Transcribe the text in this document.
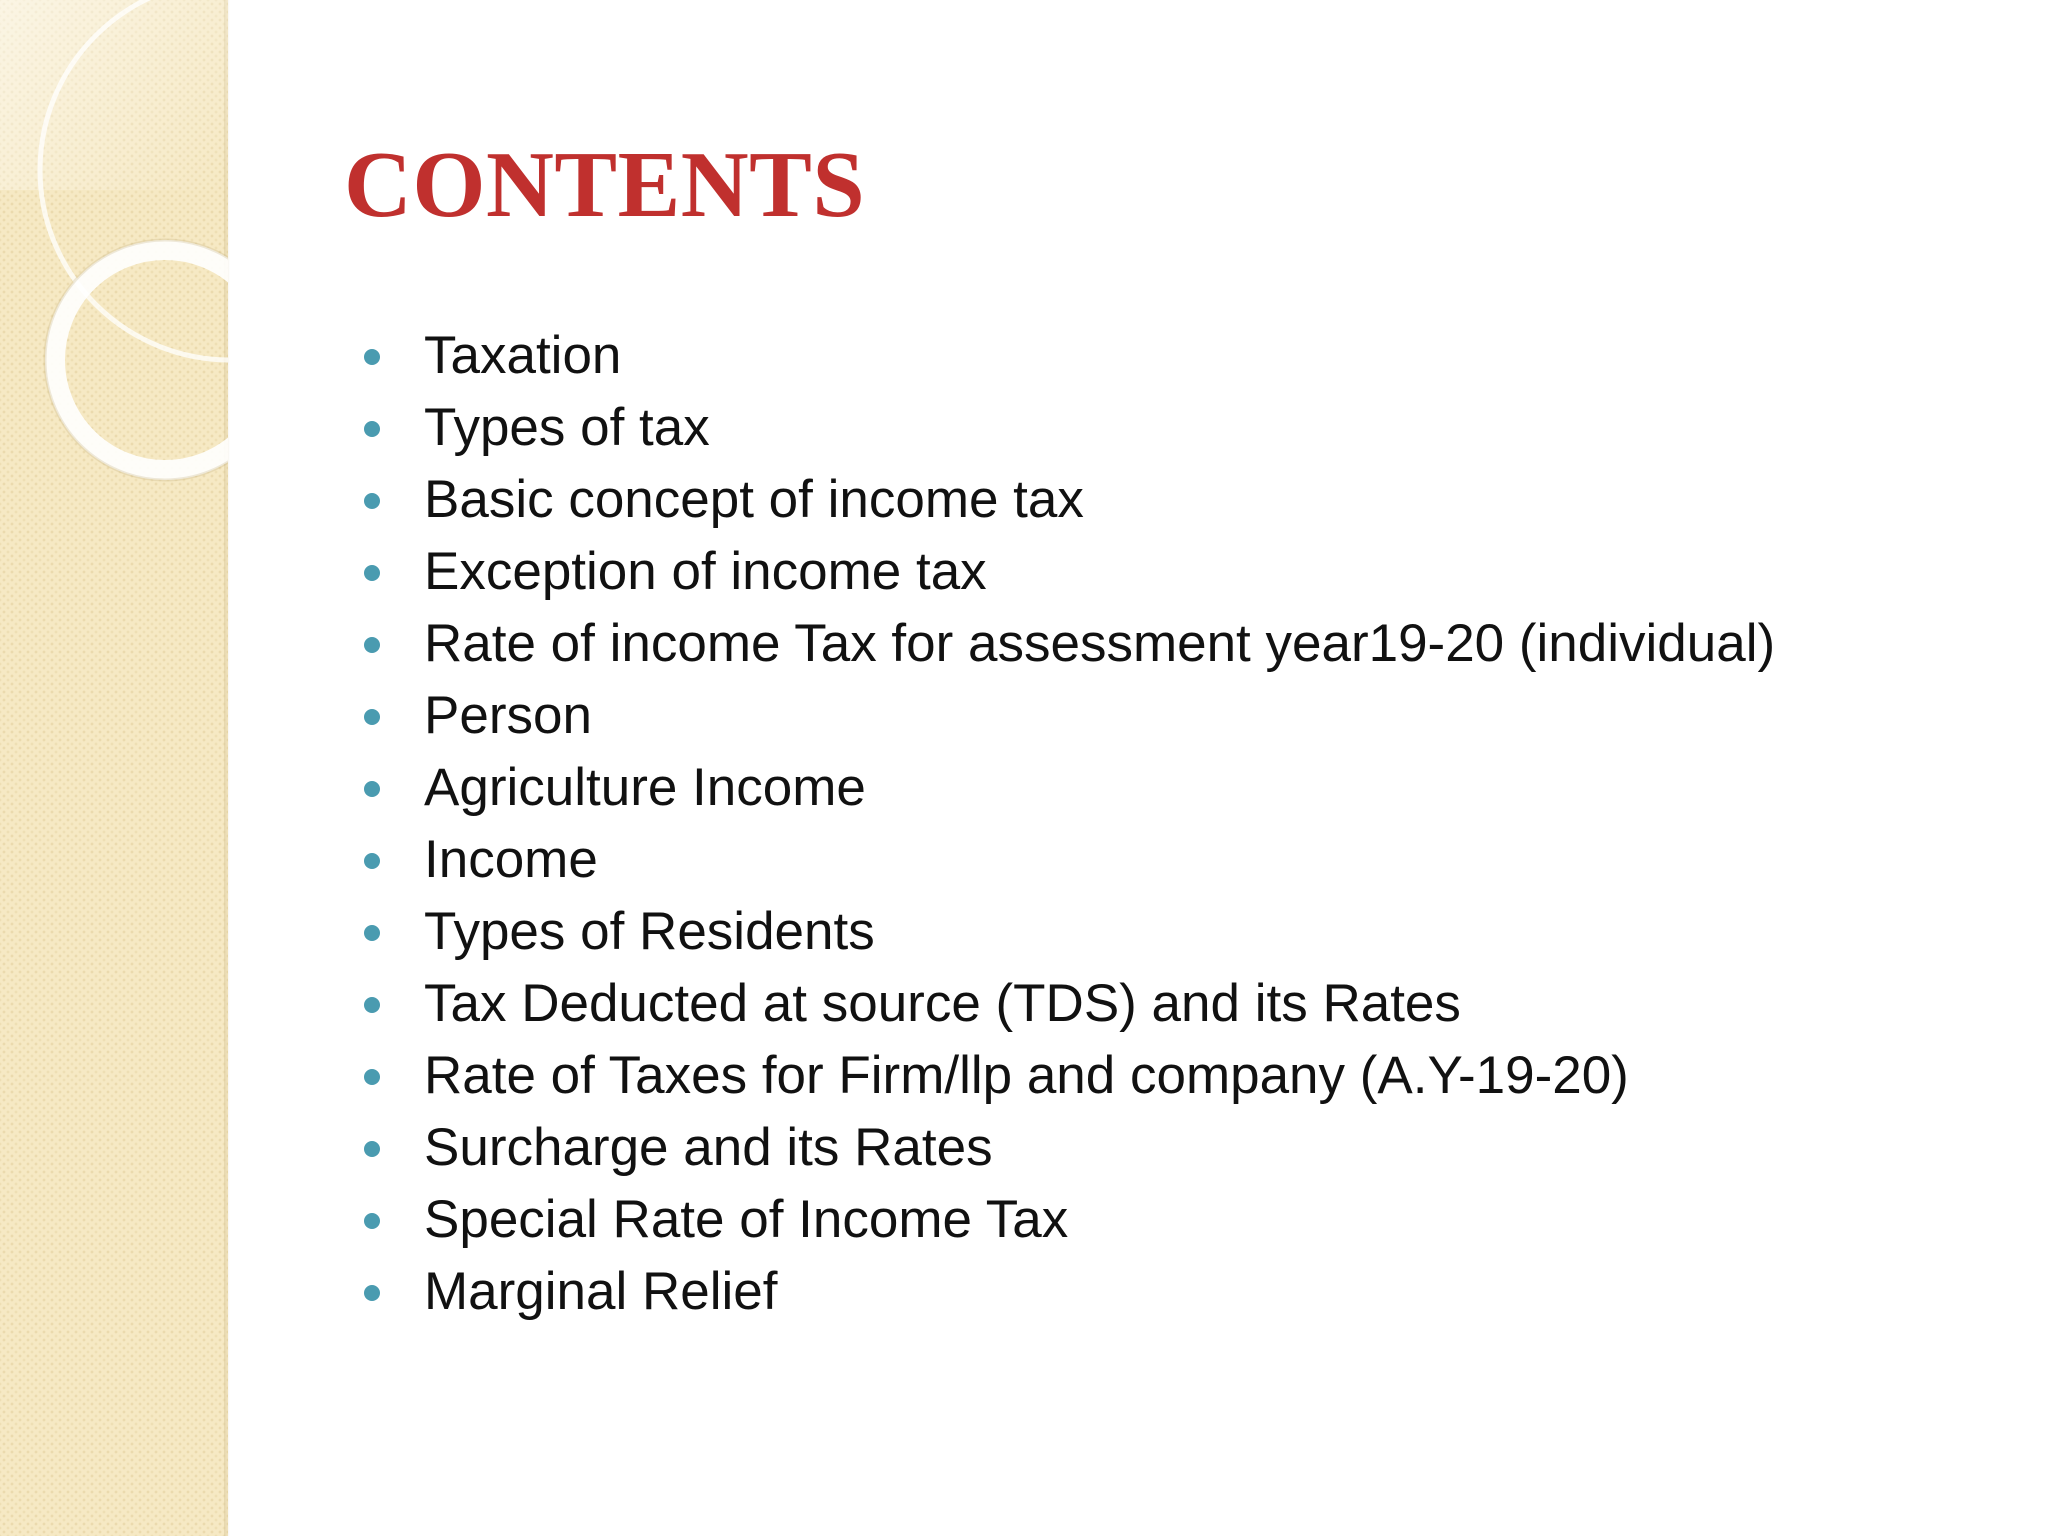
CONTENTS
Taxation
Types of tax
Basic concept of income tax
Exception of income tax
Rate of income Tax for assessment year19-20 (individual)
Person
Agriculture Income
Income
Types of Residents
Tax Deducted at source (TDS) and its Rates
Rate of Taxes for Firm/llp and company (A.Y-19-20)
Surcharge and its Rates
Special Rate of Income Tax
Marginal Relief
